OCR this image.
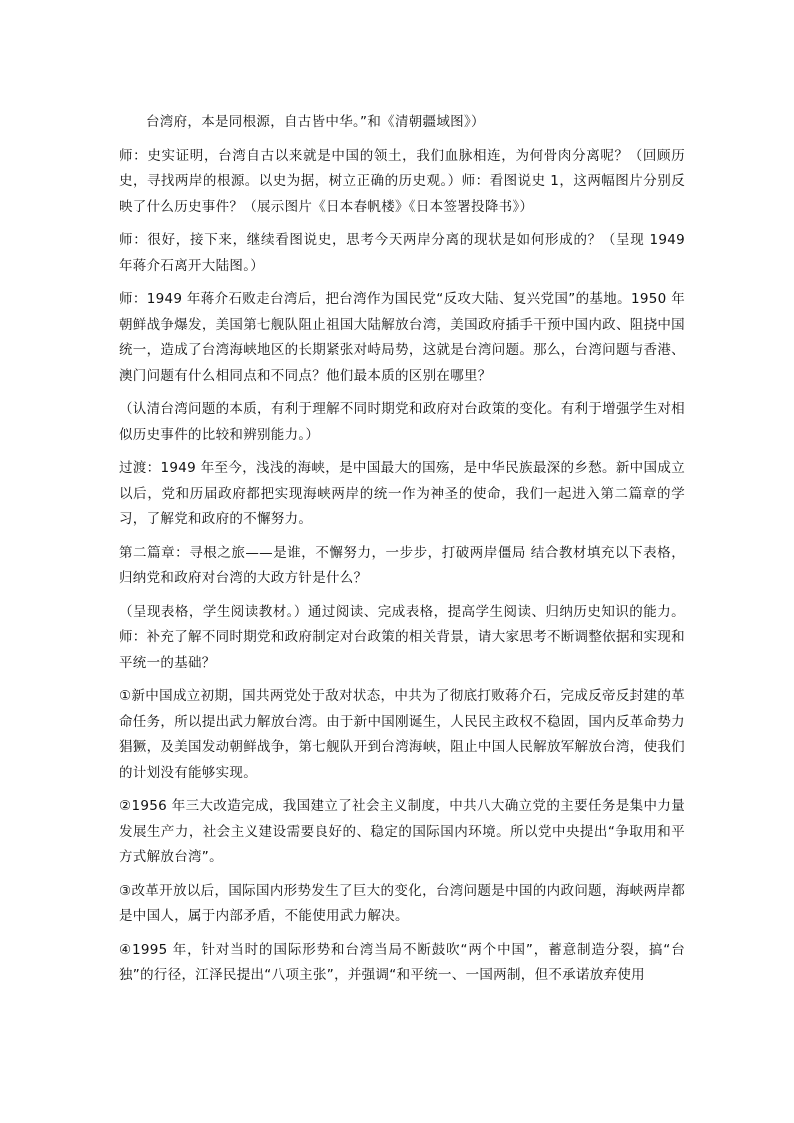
台湾府，本是同根源，自古皆中华。”和《清朝疆域图》）

师：史实证明，台湾自古以来就是中国的领土，我们血脉相连，为何骨肉分离呢？（回顾历史，寻找两岸的根源。以史为据，树立正确的历史观。）师：看图说史 1，这两幅图片分别反映了什么历史事件？（展示图片《日本春帆楼》《日本签署投降书》）

师：很好，接下来，继续看图说史，思考今天两岸分离的现状是如何形成的？（呈现 1949 年蒋介石离开大陆图。）

师：1949 年蒋介石败走台湾后，把台湾作为国民党“反攻大陆、复兴党国”的基地。1950 年朝鲜战争爆发，美国第七舰队阻止祖国大陆解放台湾，美国政府插手干预中国内政、阻挠中国统一，造成了台湾海峡地区的长期紧张对峙局势，这就是台湾问题。那么，台湾问题与香港、澳门问题有什么相同点和不同点？他们最本质的区别在哪里？

（认清台湾问题的本质，有利于理解不同时期党和政府对台政策的变化。有利于增强学生对相似历史事件的比较和辨别能力。）

过渡：1949 年至今，浅浅的海峡，是中国最大的国殇，是中华民族最深的乡愁。新中国成立以后，党和历届政府都把实现海峡两岸的统一作为神圣的使命，我们一起进入第二篇章的学习，了解党和政府的不懈努力。

第二篇章：寻根之旅——是谁，不懈努力，一步步，打破两岸僵局 结合教材填充以下表格，归纳党和政府对台湾的大政方针是什么？

（呈现表格，学生阅读教材。）通过阅读、完成表格，提高学生阅读、归纳历史知识的能力。师：补充了解不同时期党和政府制定对台政策的相关背景，请大家思考不断调整依据和实现和平统一的基础？

①新中国成立初期，国共两党处于敌对状态，中共为了彻底打败蒋介石，完成反帝反封建的革命任务，所以提出武力解放台湾。由于新中国刚诞生，人民民主政权不稳固，国内反革命势力猖獗，及美国发动朝鲜战争，第七舰队开到台湾海峡，阻止中国人民解放军解放台湾，使我们的计划没有能够实现。

②1956 年三大改造完成，我国建立了社会主义制度，中共八大确立党的主要任务是集中力量发展生产力，社会主义建设需要良好的、稳定的国际国内环境。所以党中央提出“争取用和平方式解放台湾”。

③改革开放以后，国际国内形势发生了巨大的变化，台湾问题是中国的内政问题，海峡两岸都是中国人，属于内部矛盾，不能使用武力解决。

④1995 年，针对当时的国际形势和台湾当局不断鼓吹“两个中国”，蓄意制造分裂，搞“台独”的行径，江泽民提出“八项主张”，并强调“和平统一、一国两制，但不承诺放弃使用
